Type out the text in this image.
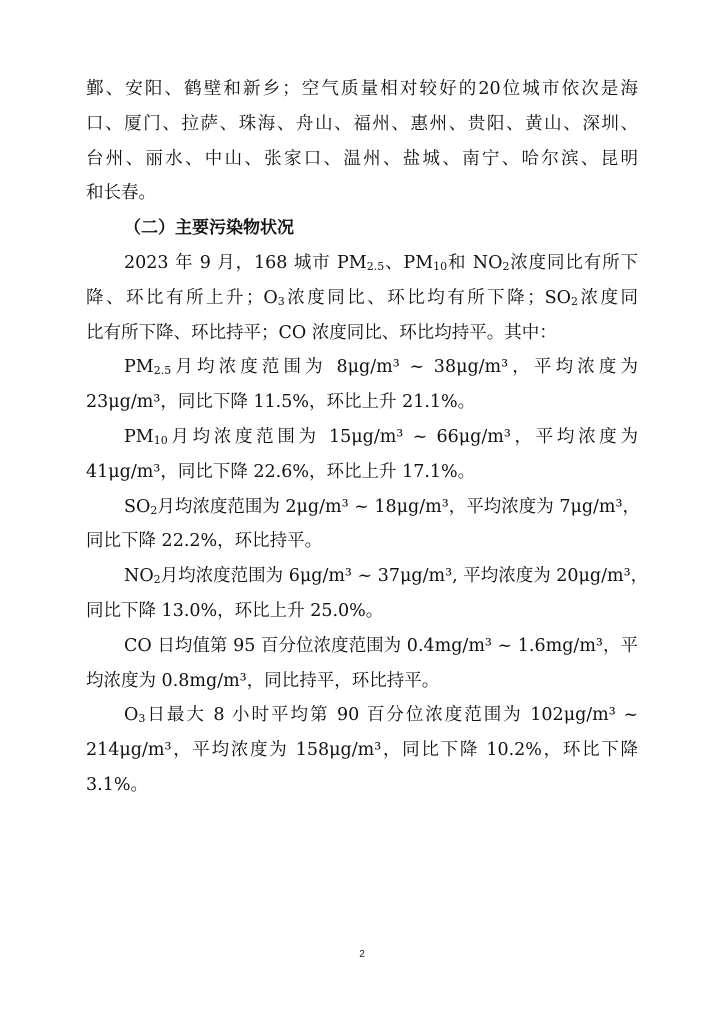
鄞、安阳、鹤壁和新乡；空气质量相对较好的20位城市依次是海
口、厦门、拉萨、珠海、舟山、福州、惠州、贵阳、黄山、深圳、
台州、丽水、中山、张家口、温州、盐城、南宁、哈尔滨、昆明
和长春。
（二）主要污染物状况
2023 年 9 月，168 城市 $PM_{2.5}$、$PM_{10}$和 $NO_2$浓度同比有所下
降、环比有所上升；$O_3$浓度同比、环比均有所下降；$SO_2$浓度同
比有所下降、环比持平；CO 浓度同比、环比均持平。其中：
$PM_{2.5}$月均浓度范围为 8μg/m³ ~ 38μg/m³，平均浓度为
23μg/m³，同比下降 11.5%，环比上升 21.1%。
$PM_{10}$月均浓度范围为 15μg/m³ ~ 66μg/m³，平均浓度为
41μg/m³，同比下降 22.6%，环比上升 17.1%。
$SO_2$月均浓度范围为 2μg/m³ ~ 18μg/m³，平均浓度为 7μg/m³，
同比下降 22.2%，环比持平。
$NO_2$月均浓度范围为 6μg/m³ ~ 37μg/m³, 平均浓度为 20μg/m³，
同比下降 13.0%，环比上升 25.0%。
CO 日均值第 95 百分位浓度范围为 0.4mg/m³ ~ 1.6mg/m³，平
均浓度为 0.8mg/m³，同比持平，环比持平。
$O_3$日最大 8 小时平均第 90 百分位浓度范围为 102μg/m³ ~
214μg/m³，平均浓度为 158μg/m³，同比下降 10.2%，环比下降
3.1%。
2
